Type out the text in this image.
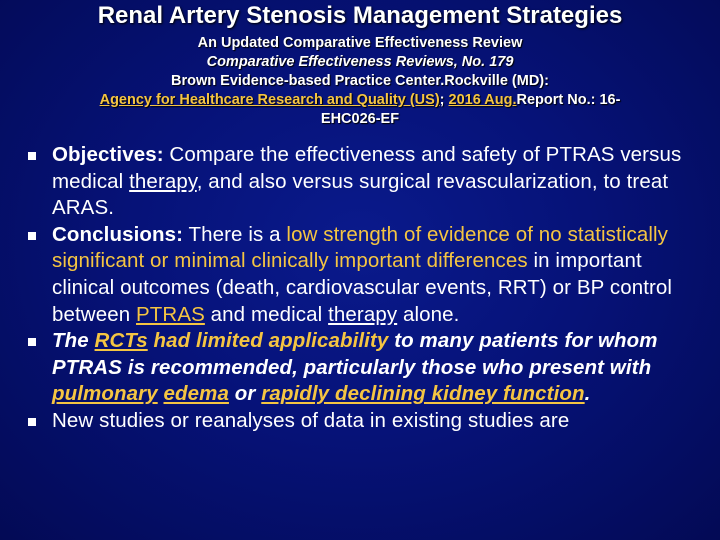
Renal Artery Stenosis Management Strategies
An Updated Comparative Effectiveness Review
Comparative Effectiveness Reviews, No. 179
Brown Evidence-based Practice Center.Rockville (MD):
Agency for Healthcare Research and Quality (US); 2016 Aug.Report No.: 16-
EHC026-EF
Objectives: Compare the effectiveness and safety of PTRAS versus medical therapy, and also versus surgical revascularization, to treat ARAS.
Conclusions: There is a low strength of evidence of no statistically significant or minimal clinically important differences in important clinical outcomes (death, cardiovascular events, RRT) or BP control between PTRAS and medical therapy alone.
The RCTs had limited applicability to many patients for whom PTRAS is recommended, particularly those who present with pulmonary edema or rapidly declining kidney function.
New studies or reanalyses of data in existing studies are
